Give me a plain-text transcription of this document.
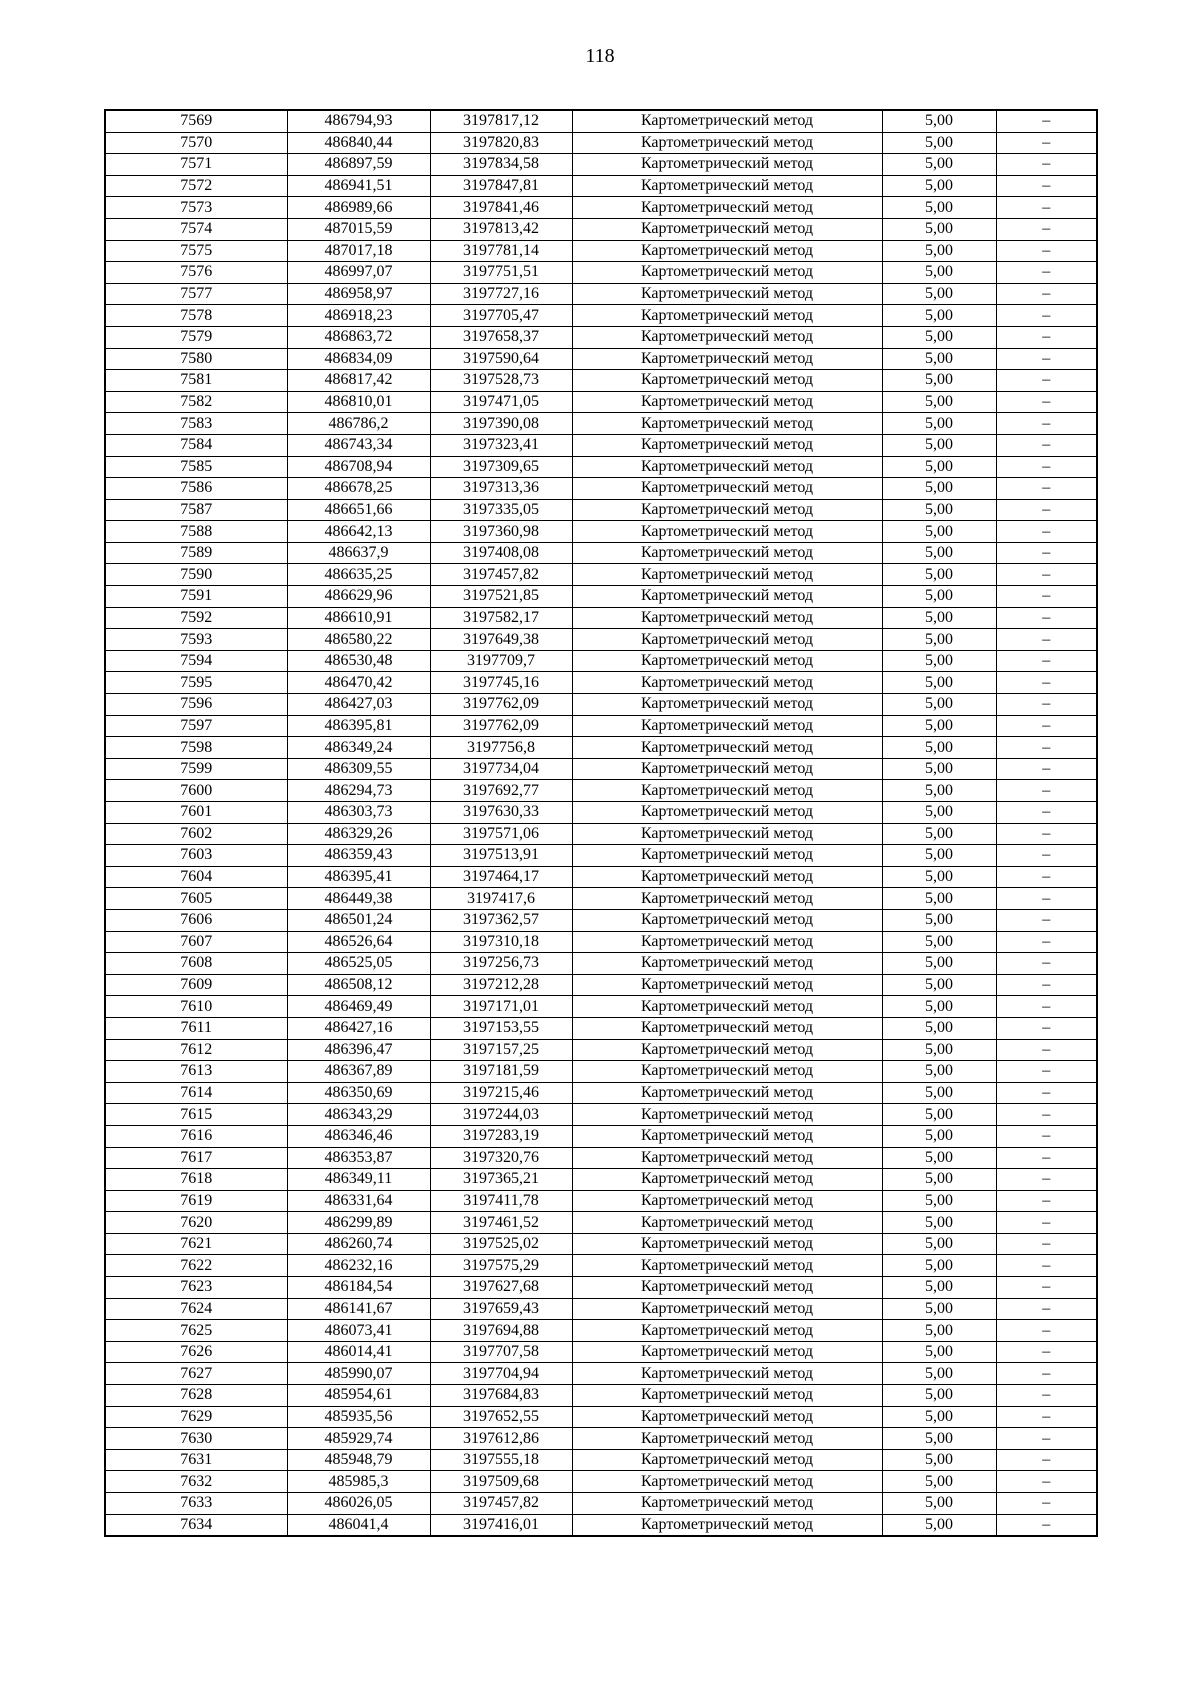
118
7569	486794,93	3197817,12	Картометрический метод	5,00	–
7570	486840,44	3197820,83	Картометрический метод	5,00	–
7571	486897,59	3197834,58	Картометрический метод	5,00	–
7572	486941,51	3197847,81	Картометрический метод	5,00	–
7573	486989,66	3197841,46	Картометрический метод	5,00	–
7574	487015,59	3197813,42	Картометрический метод	5,00	–
7575	487017,18	3197781,14	Картометрический метод	5,00	–
7576	486997,07	3197751,51	Картометрический метод	5,00	–
7577	486958,97	3197727,16	Картометрический метод	5,00	–
7578	486918,23	3197705,47	Картометрический метод	5,00	–
7579	486863,72	3197658,37	Картометрический метод	5,00	–
7580	486834,09	3197590,64	Картометрический метод	5,00	–
7581	486817,42	3197528,73	Картометрический метод	5,00	–
7582	486810,01	3197471,05	Картометрический метод	5,00	–
7583	486786,2	3197390,08	Картометрический метод	5,00	–
7584	486743,34	3197323,41	Картометрический метод	5,00	–
7585	486708,94	3197309,65	Картометрический метод	5,00	–
7586	486678,25	3197313,36	Картометрический метод	5,00	–
7587	486651,66	3197335,05	Картометрический метод	5,00	–
7588	486642,13	3197360,98	Картометрический метод	5,00	–
7589	486637,9	3197408,08	Картометрический метод	5,00	–
7590	486635,25	3197457,82	Картометрический метод	5,00	–
7591	486629,96	3197521,85	Картометрический метод	5,00	–
7592	486610,91	3197582,17	Картометрический метод	5,00	–
7593	486580,22	3197649,38	Картометрический метод	5,00	–
7594	486530,48	3197709,7	Картометрический метод	5,00	–
7595	486470,42	3197745,16	Картометрический метод	5,00	–
7596	486427,03	3197762,09	Картометрический метод	5,00	–
7597	486395,81	3197762,09	Картометрический метод	5,00	–
7598	486349,24	3197756,8	Картометрический метод	5,00	–
7599	486309,55	3197734,04	Картометрический метод	5,00	–
7600	486294,73	3197692,77	Картометрический метод	5,00	–
7601	486303,73	3197630,33	Картометрический метод	5,00	–
7602	486329,26	3197571,06	Картометрический метод	5,00	–
7603	486359,43	3197513,91	Картометрический метод	5,00	–
7604	486395,41	3197464,17	Картометрический метод	5,00	–
7605	486449,38	3197417,6	Картометрический метод	5,00	–
7606	486501,24	3197362,57	Картометрический метод	5,00	–
7607	486526,64	3197310,18	Картометрический метод	5,00	–
7608	486525,05	3197256,73	Картометрический метод	5,00	–
7609	486508,12	3197212,28	Картометрический метод	5,00	–
7610	486469,49	3197171,01	Картометрический метод	5,00	–
7611	486427,16	3197153,55	Картометрический метод	5,00	–
7612	486396,47	3197157,25	Картометрический метод	5,00	–
7613	486367,89	3197181,59	Картометрический метод	5,00	–
7614	486350,69	3197215,46	Картометрический метод	5,00	–
7615	486343,29	3197244,03	Картометрический метод	5,00	–
7616	486346,46	3197283,19	Картометрический метод	5,00	–
7617	486353,87	3197320,76	Картометрический метод	5,00	–
7618	486349,11	3197365,21	Картометрический метод	5,00	–
7619	486331,64	3197411,78	Картометрический метод	5,00	–
7620	486299,89	3197461,52	Картометрический метод	5,00	–
7621	486260,74	3197525,02	Картометрический метод	5,00	–
7622	486232,16	3197575,29	Картометрический метод	5,00	–
7623	486184,54	3197627,68	Картометрический метод	5,00	–
7624	486141,67	3197659,43	Картометрический метод	5,00	–
7625	486073,41	3197694,88	Картометрический метод	5,00	–
7626	486014,41	3197707,58	Картометрический метод	5,00	–
7627	485990,07	3197704,94	Картометрический метод	5,00	–
7628	485954,61	3197684,83	Картометрический метод	5,00	–
7629	485935,56	3197652,55	Картометрический метод	5,00	–
7630	485929,74	3197612,86	Картометрический метод	5,00	–
7631	485948,79	3197555,18	Картометрический метод	5,00	–
7632	485985,3	3197509,68	Картометрический метод	5,00	–
7633	486026,05	3197457,82	Картометрический метод	5,00	–
7634	486041,4	3197416,01	Картометрический метод	5,00	–
